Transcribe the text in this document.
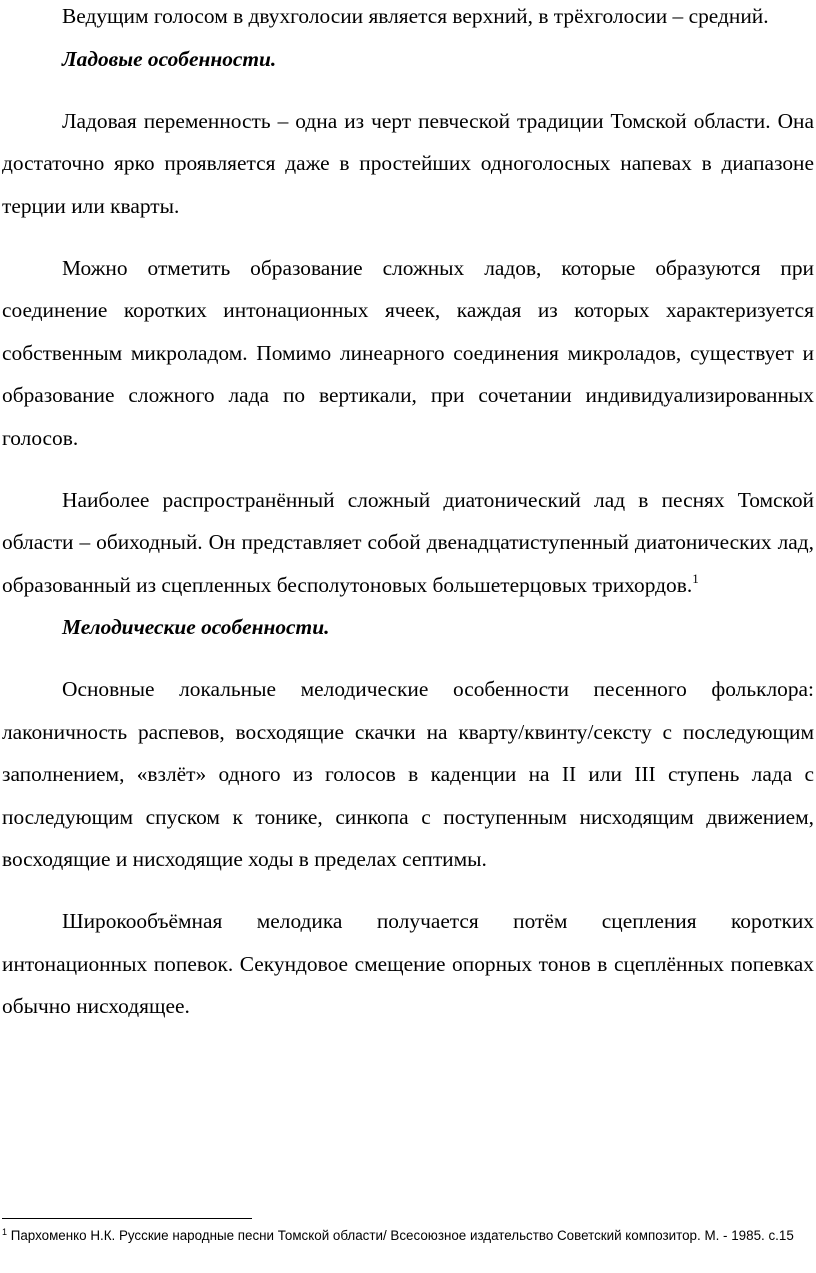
Ведущим голосом в двухголосии является верхний, в трёхголосии – средний.

Ладовые особенности.

Ладовая переменность – одна из черт певческой традиции Томской области. Она достаточно ярко проявляется даже в простейших одноголосных напевах в диапазоне терции или кварты.

Можно отметить образование сложных ладов, которые образуются при соединение коротких интонационных ячеек, каждая из которых характеризуется собственным микроладом. Помимо линеарного соединения микроладов, существует и образование сложного лада по вертикали, при сочетании индивидуализированных голосов.

Наиболее распространённый сложный диатонический лад в песнях Томской области – обиходный. Он представляет собой двенадцатиступенный диатонических лад, образованный из сцепленных бесполутоновых большетерцовых трихордов.$^1$

Мелодические особенности.

Основные локальные мелодические особенности песенного фольклора: лаконичность распевов, восходящие скачки на кварту/квинту/сексту с последующим заполнением, «взлёт» одного из голосов в каденции на II или III ступень лада с последующим спуском к тонике, синкопа с поступенным нисходящим движением, восходящие и нисходящие ходы в пределах септимы.

Широкообъёмная мелодика получается потём сцепления коротких интонационных попевок. Секундовое смещение опорных тонов в сцеплённых попевках обычно нисходящее.

$^1$ Пархоменко Н.К. Русские народные песни Томской области/ Всесоюзное издательство Советский композитор. М. - 1985. с.15
